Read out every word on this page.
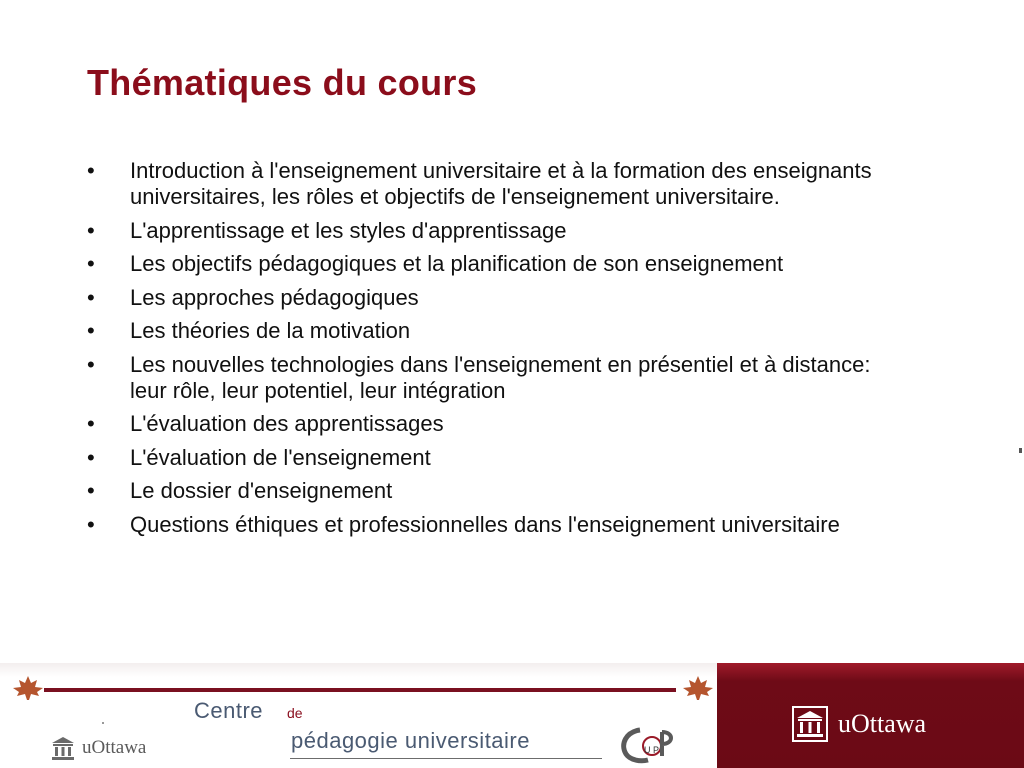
Thématiques du cours
•	Introduction à l'enseignement universitaire et à la formation des enseignants universitaires, les rôles et objectifs de l'enseignement universitaire.
•	L'apprentissage et les styles d'apprentissage
•	Les objectifs pédagogiques et la planification de son enseignement
•	Les approches pédagogiques
•	Les théories de la motivation
•	Les nouvelles technologies dans l'enseignement en présentiel et à distance: leur rôle, leur potentiel, leur intégration
•	L'évaluation des apprentissages
•	L'évaluation de l'enseignement
•	Le dossier d'enseignement
•	Questions éthiques et professionnelles dans l'enseignement universitaire
Centre de
pédagogie universitaire
uOttawa	U P
uOttawa
